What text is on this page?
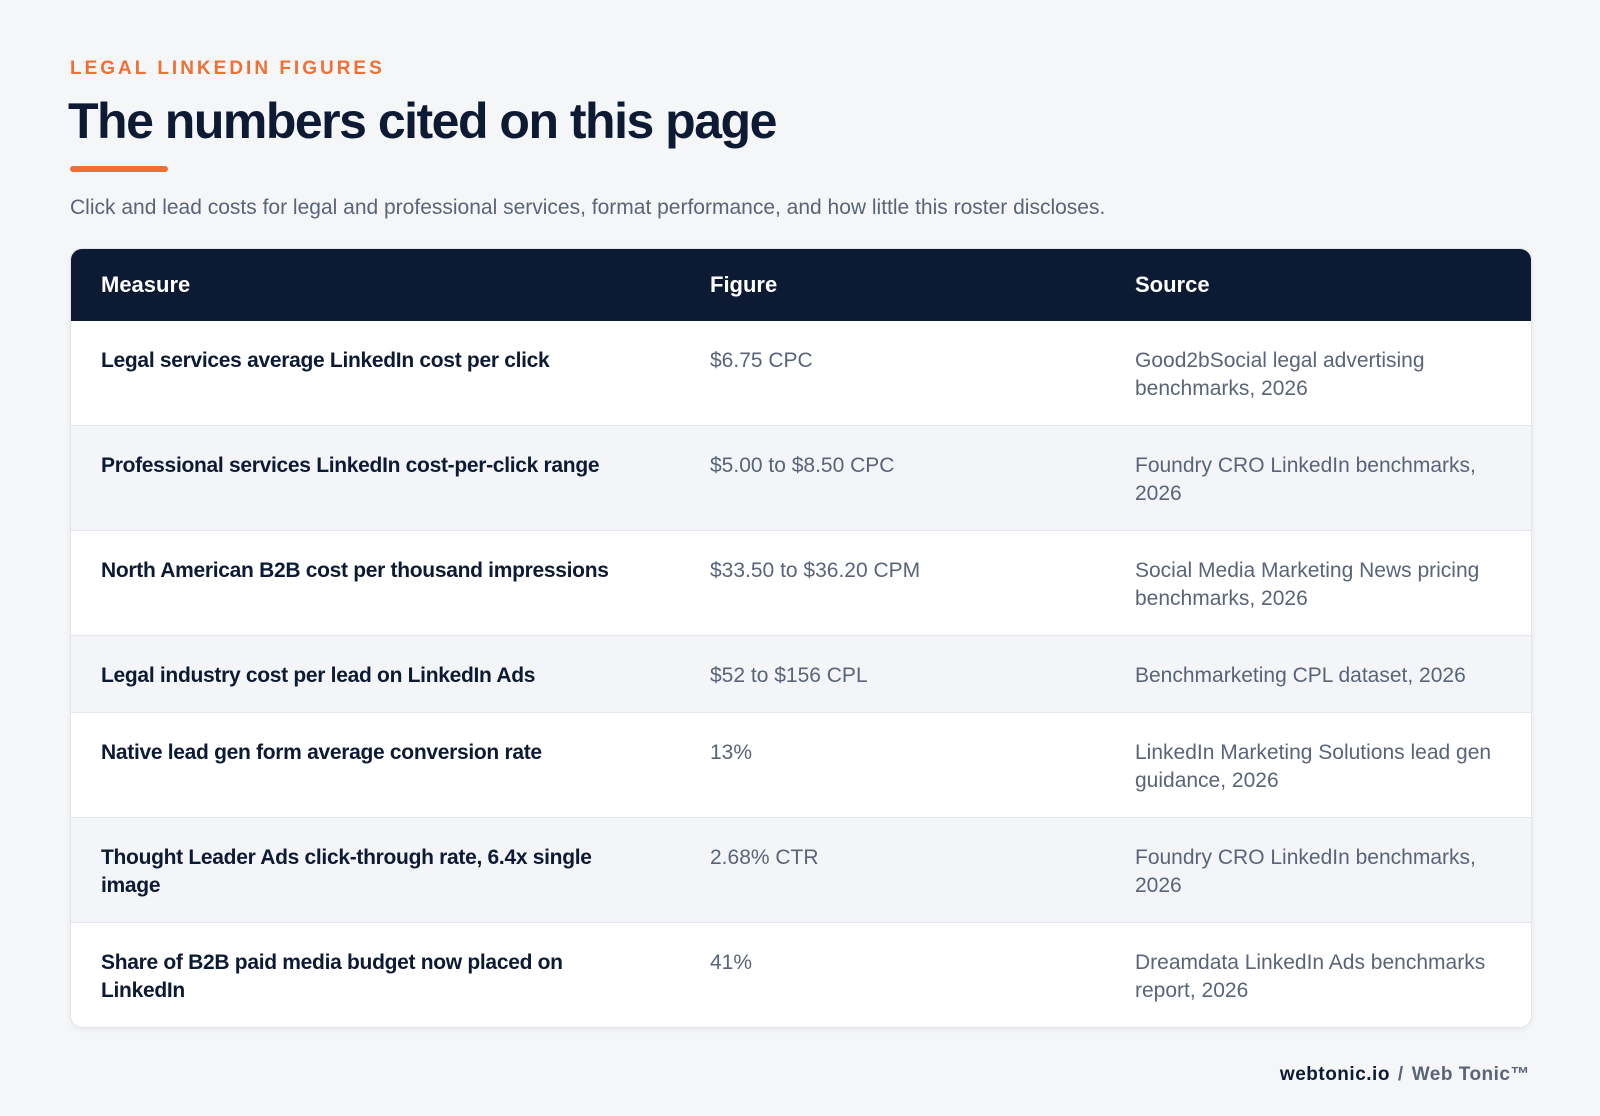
LEGAL LINKEDIN FIGURES
The numbers cited on this page
Click and lead costs for legal and professional services, format performance, and how little this roster discloses.
Measure	Figure	Source
Legal services average LinkedIn cost per click	$6.75 CPC	Good2bSocial legal advertising benchmarks, 2026
Professional services LinkedIn cost-per-click range	$5.00 to $8.50 CPC	Foundry CRO LinkedIn benchmarks, 2026
North American B2B cost per thousand impressions	$33.50 to $36.20 CPM	Social Media Marketing News pricing benchmarks, 2026
Legal industry cost per lead on LinkedIn Ads	$52 to $156 CPL	Benchmarketing CPL dataset, 2026
Native lead gen form average conversion rate	13%	LinkedIn Marketing Solutions lead gen guidance, 2026
Thought Leader Ads click-through rate, 6.4x single image	2.68% CTR	Foundry CRO LinkedIn benchmarks, 2026
Share of B2B paid media budget now placed on LinkedIn	41%	Dreamdata LinkedIn Ads benchmarks report, 2026
webtonic.io / Web Tonic™
